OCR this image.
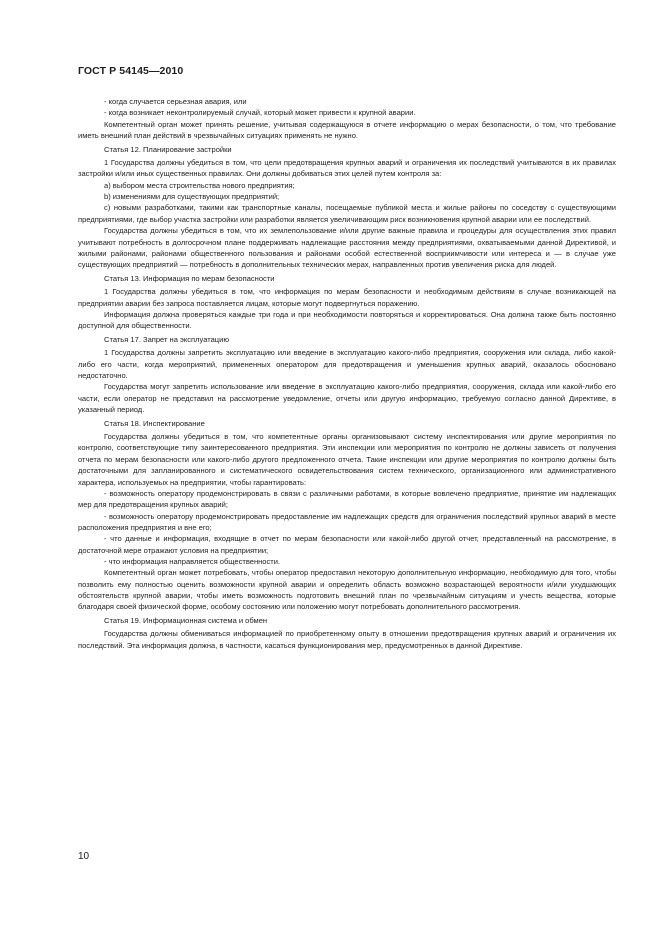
ГОСТ Р 54145—2010

- когда случается серьезная авария, или

- когда возникает неконтролируемый случай, который может привести к крупной аварии.

Компетентный орган может принять решение, учитывая содержащуюся в отчете информацию о мерах безопасности, о том, что требование иметь внешний план действий в чрезвычайных ситуациях применять не нужно.

Статья 12. Планирование застройки

1 Государства должны убедиться в том, что цели предотвращения крупных аварий и ограничения их последствий учитываются в их правилах застройки и/или иных существенных правилах. Они должны добиваться этих целей путем контроля за:

a) выбором места строительства нового предприятия;

b) изменениями для существующих предприятий;

c) новыми разработками, такими как транспортные каналы, посещаемые публикой места и жилые районы по соседству с существующими предприятиями, где выбор участка застройки или разработки является увеличивающим риск возникновения крупной аварии или ее последствий.

Государства должны убедиться в том, что их землепользование и/или другие важные правила и процедуры для осуществления этих правил учитывают потребность в долгосрочном плане поддерживать надлежащие расстояния между предприятиями, охватываемыми данной Директивой, и жилыми районами, районами общественного пользования и районами особой естественной восприимчивости или интереса и — в случае уже существующих предприятий — потребность в дополнительных технических мерах, направленных против увеличения риска для людей.

Статья 13. Информация по мерам безопасности

1 Государства должны убедиться в том, что информация по мерам безопасности и необходимым действиям в случае возникающей на предприятии аварии без запроса поставляется лицам, которые могут подвергнуться поражению.

Информация должна проверяться каждые три года и при необходимости повторяться и корректироваться. Она должна также быть постоянно доступной для общественности.

Статья 17. Запрет на эксплуатацию

1 Государства должны запретить эксплуатацию или введение в эксплуатацию какого-либо предприятия, сооружения или склада, либо какой-либо его части, когда мероприятий, примененных оператором для предотвращения и уменьшения крупных аварий, оказалось обосновано недостаточно.

Государства могут запретить использование или введение в эксплуатацию какого-либо предприятия, сооружения, склада или какой-либо его части, если оператор не представил на рассмотрение уведомление, отчеты или другую информацию, требуемую согласно данной Директиве, в указанный период.

Статья 18. Инспектирование

Государства должны убедиться в том, что компетентные органы организовывают систему инспектирования или другие мероприятия по контролю, соответствующие типу заинтересованного предприятия. Эти инспекции или мероприятия по контролю не должны зависеть от получения отчета по мерам безопасности или какого-либо другого предложенного отчета. Такие инспекции или другие мероприятия по контролю должны быть достаточными для запланированного и систематического освидетельствования систем технического, организационного или административного характера, используемых на предприятии, чтобы гарантировать:

- возможность оператору продемонстрировать в связи с различными работами, в которые вовлечено предприятие, принятие им надлежащих мер для предотвращения крупных аварий;

- возможность оператору продемонстрировать предоставление им надлежащих средств для ограничения последствий крупных аварий в месте расположения предприятия и вне его;

- что данные и информация, входящие в отчет по мерам безопасности или какой-либо другой отчет, представленный на рассмотрение, в достаточной мере отражают условия на предприятии;

- что информация направляется общественности.

Компетентный орган может потребовать, чтобы оператор предоставил некоторую дополнительную информацию, необходимую для того, чтобы позволить ему полностью оценить возможности крупной аварии и определить область возможно возрастающей вероятности и/или ухудшающих обстоятельств крупной аварии, чтобы иметь возможность подготовить внешний план по чрезвычайным ситуациям и учесть вещества, которые благодаря своей физической форме, особому состоянию или положению могут потребовать дополнительного рассмотрения.

Статья 19. Информационная система и обмен

Государства должны обмениваться информацией по приобретенному опыту в отношении предотвращения крупных аварий и ограничения их последствий. Эта информация должна, в частности, касаться функционирования мер, предусмотренных в данной Директиве.

10
